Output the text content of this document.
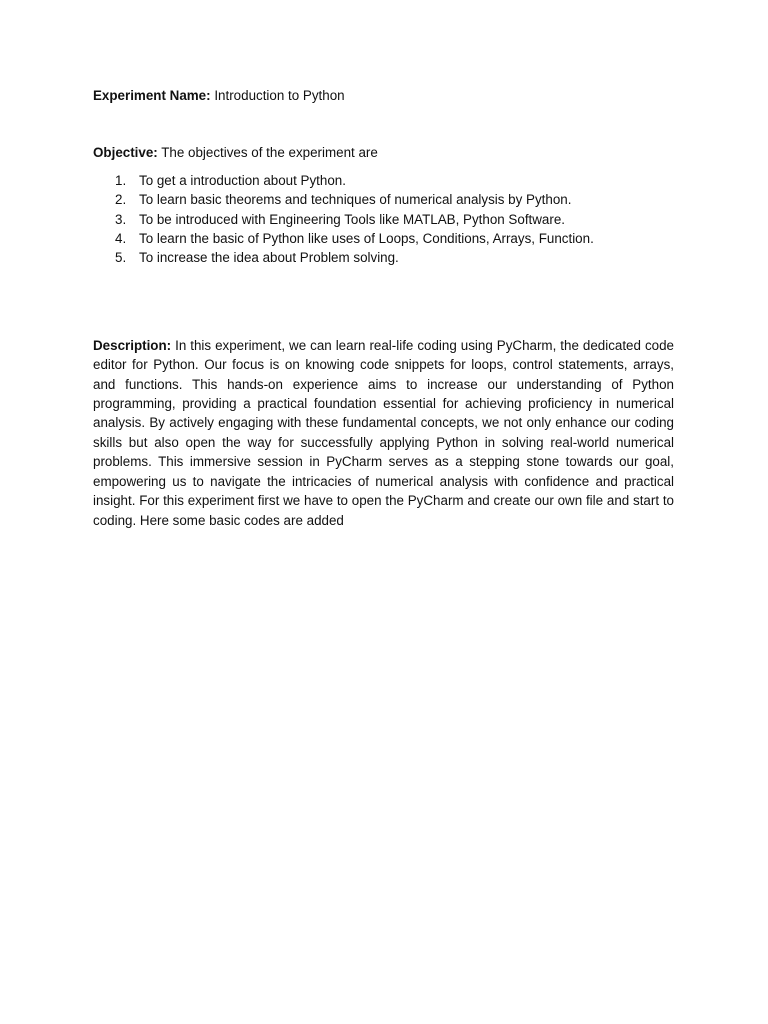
Experiment Name: Introduction to Python

Objective: The objectives of the experiment are

1. To get a introduction about Python.
2. To learn basic theorems and techniques of numerical analysis by Python.
3. To be introduced with Engineering Tools like MATLAB, Python Software.
4. To learn the basic of Python like uses of Loops, Conditions, Arrays, Function.
5. To increase the idea about Problem solving.

Description: In this experiment, we can learn real-life coding using PyCharm, the dedicated code editor for Python. Our focus is on knowing code snippets for loops, control statements, arrays, and functions. This hands-on experience aims to increase our understanding of Python programming, providing a practical foundation essential for achieving proficiency in numerical analysis. By actively engaging with these fundamental concepts, we not only enhance our coding skills but also open the way for successfully applying Python in solving real-world numerical problems. This immersive session in PyCharm serves as a stepping stone towards our goal, empowering us to navigate the intricacies of numerical analysis with confidence and practical insight. For this experiment first we have to open the PyCharm and create our own file and start to coding. Here some basic codes are added
